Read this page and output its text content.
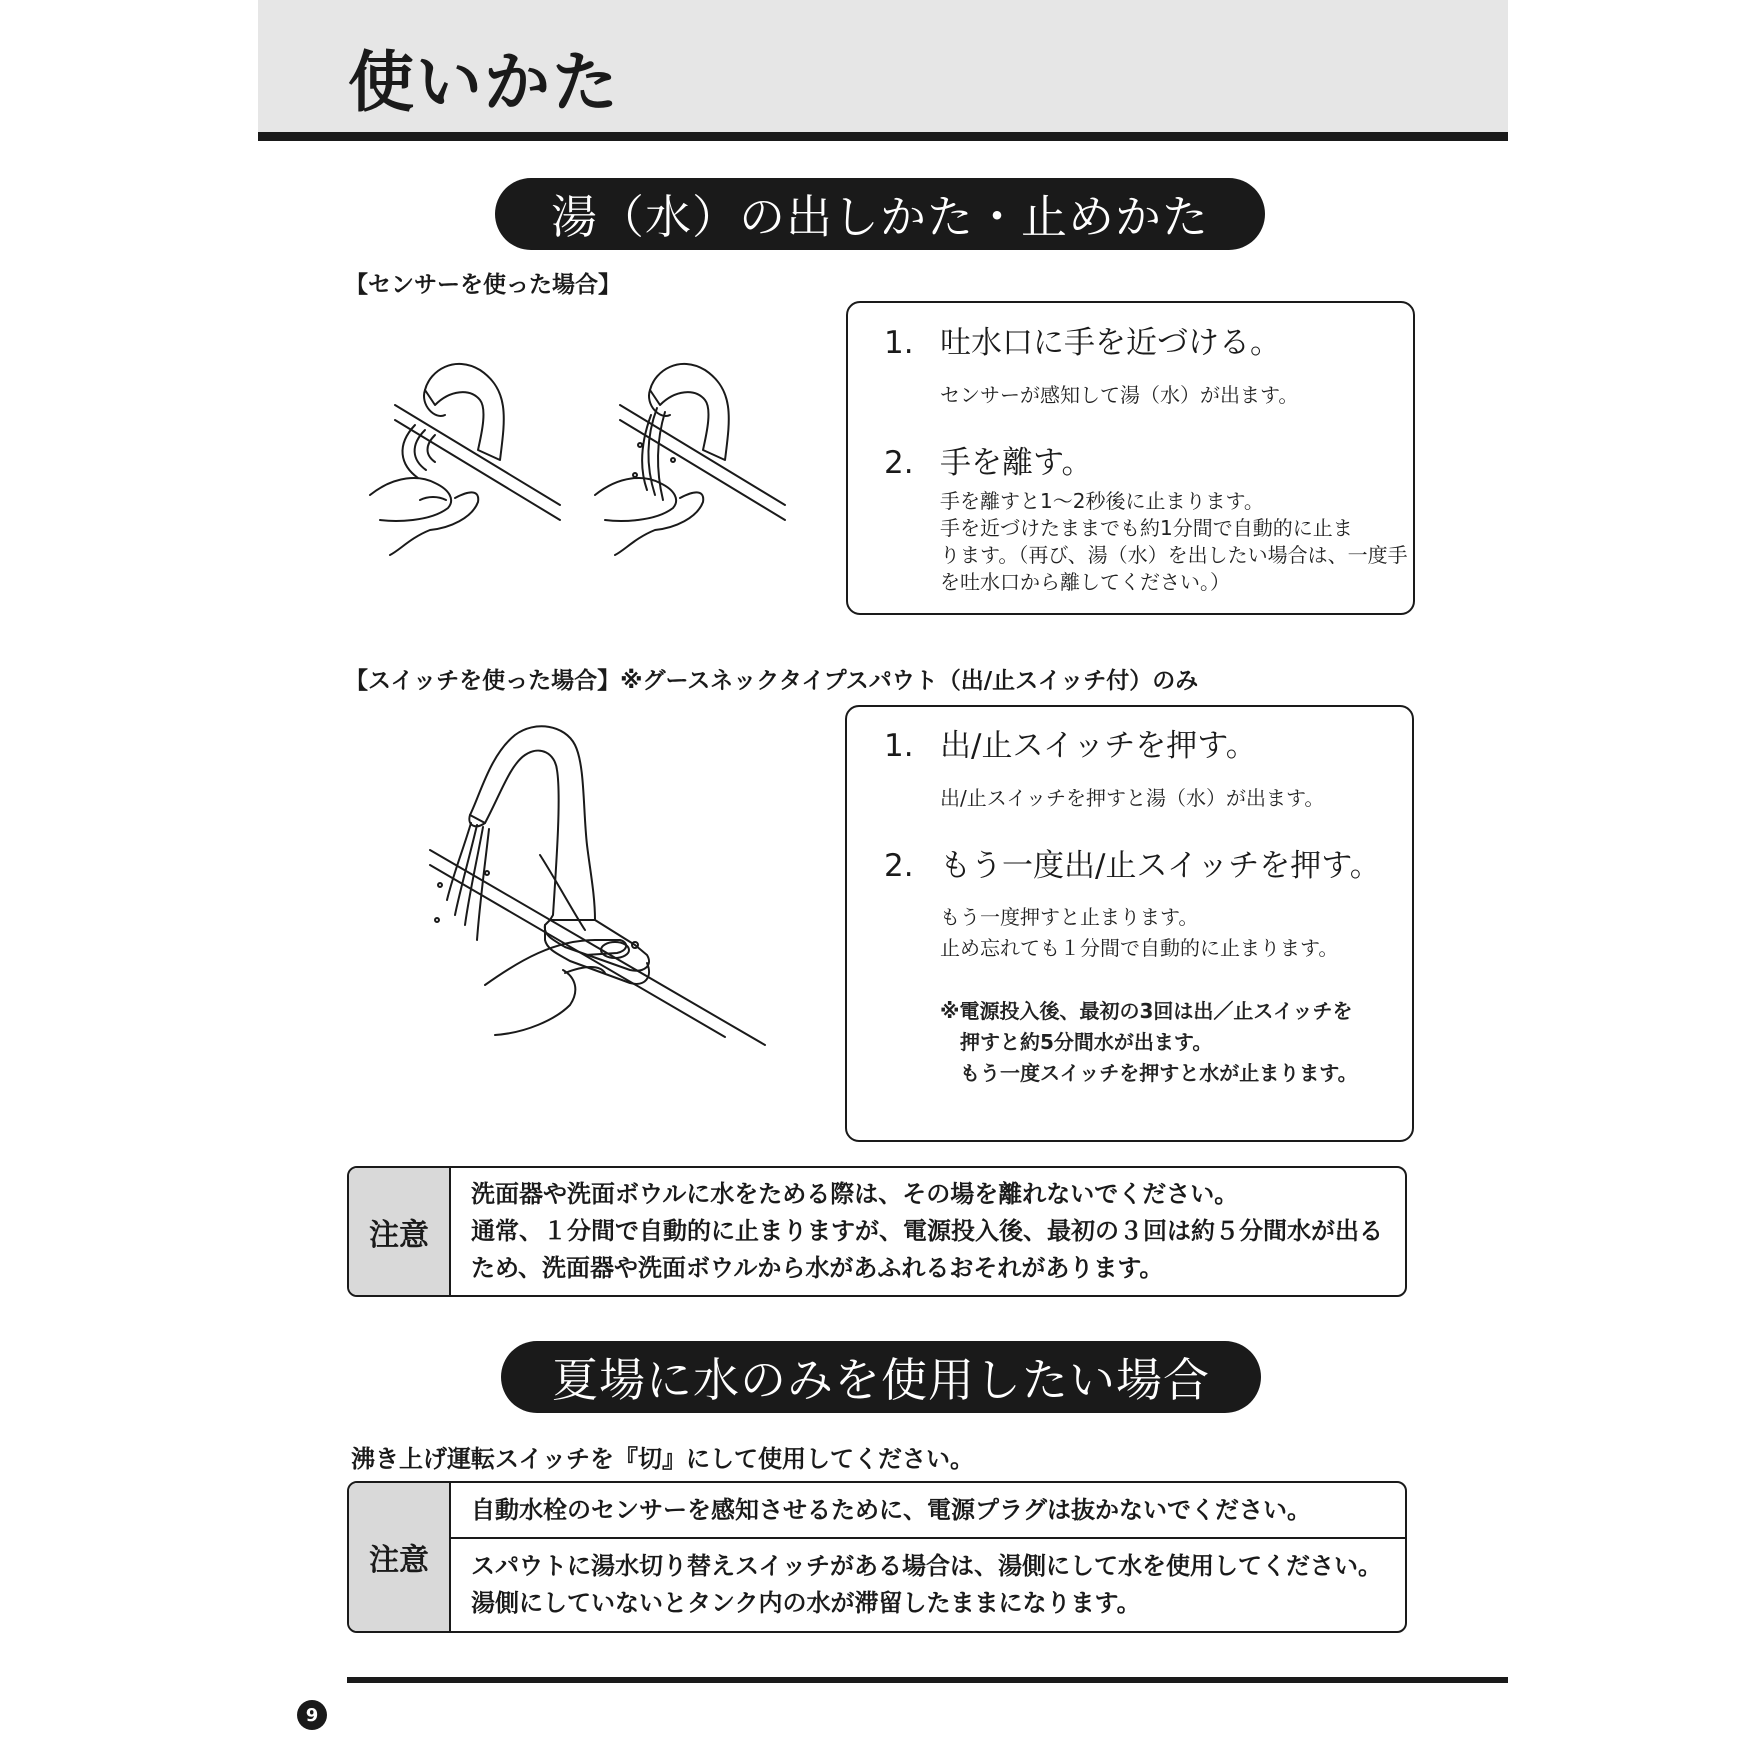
使いかた
湯（水）の出しかた・止めかた
【センサーを使った場合】
1. 吐水口に手を近づける。
センサーが感知して湯（水）が出ます。
2. 手を離す。
手を離すと1～2秒後に止まります。
手を近づけたままでも約1分間で自動的に止ま
ります。（再び、湯（水）を出したい場合は、一度手
を吐水口から離してください。）
【スイッチを使った場合】※グースネックタイプスパウト（出/止スイッチ付）のみ
1. 出/止スイッチを押す。
出/止スイッチを押すと湯（水）が出ます。
2. もう一度出/止スイッチを押す。
もう一度押すと止まります。
止め忘れても１分間で自動的に止まります。
※電源投入後、最初の3回は出／止スイッチを
押すと約5分間水が出ます。
もう一度スイッチを押すと水が止まります。
注意
洗面器や洗面ボウルに水をためる際は、その場を離れないでください。
通常、１分間で自動的に止まりますが、電源投入後、最初の３回は約５分間水が出る
ため、洗面器や洗面ボウルから水があふれるおそれがあります。
夏場に水のみを使用したい場合
沸き上げ運転スイッチを『切』にして使用してください。
注意
自動水栓のセンサーを感知させるために、電源プラグは抜かないでください。
スパウトに湯水切り替えスイッチがある場合は、湯側にして水を使用してください。
湯側にしていないとタンク内の水が滞留したままになります。
9
